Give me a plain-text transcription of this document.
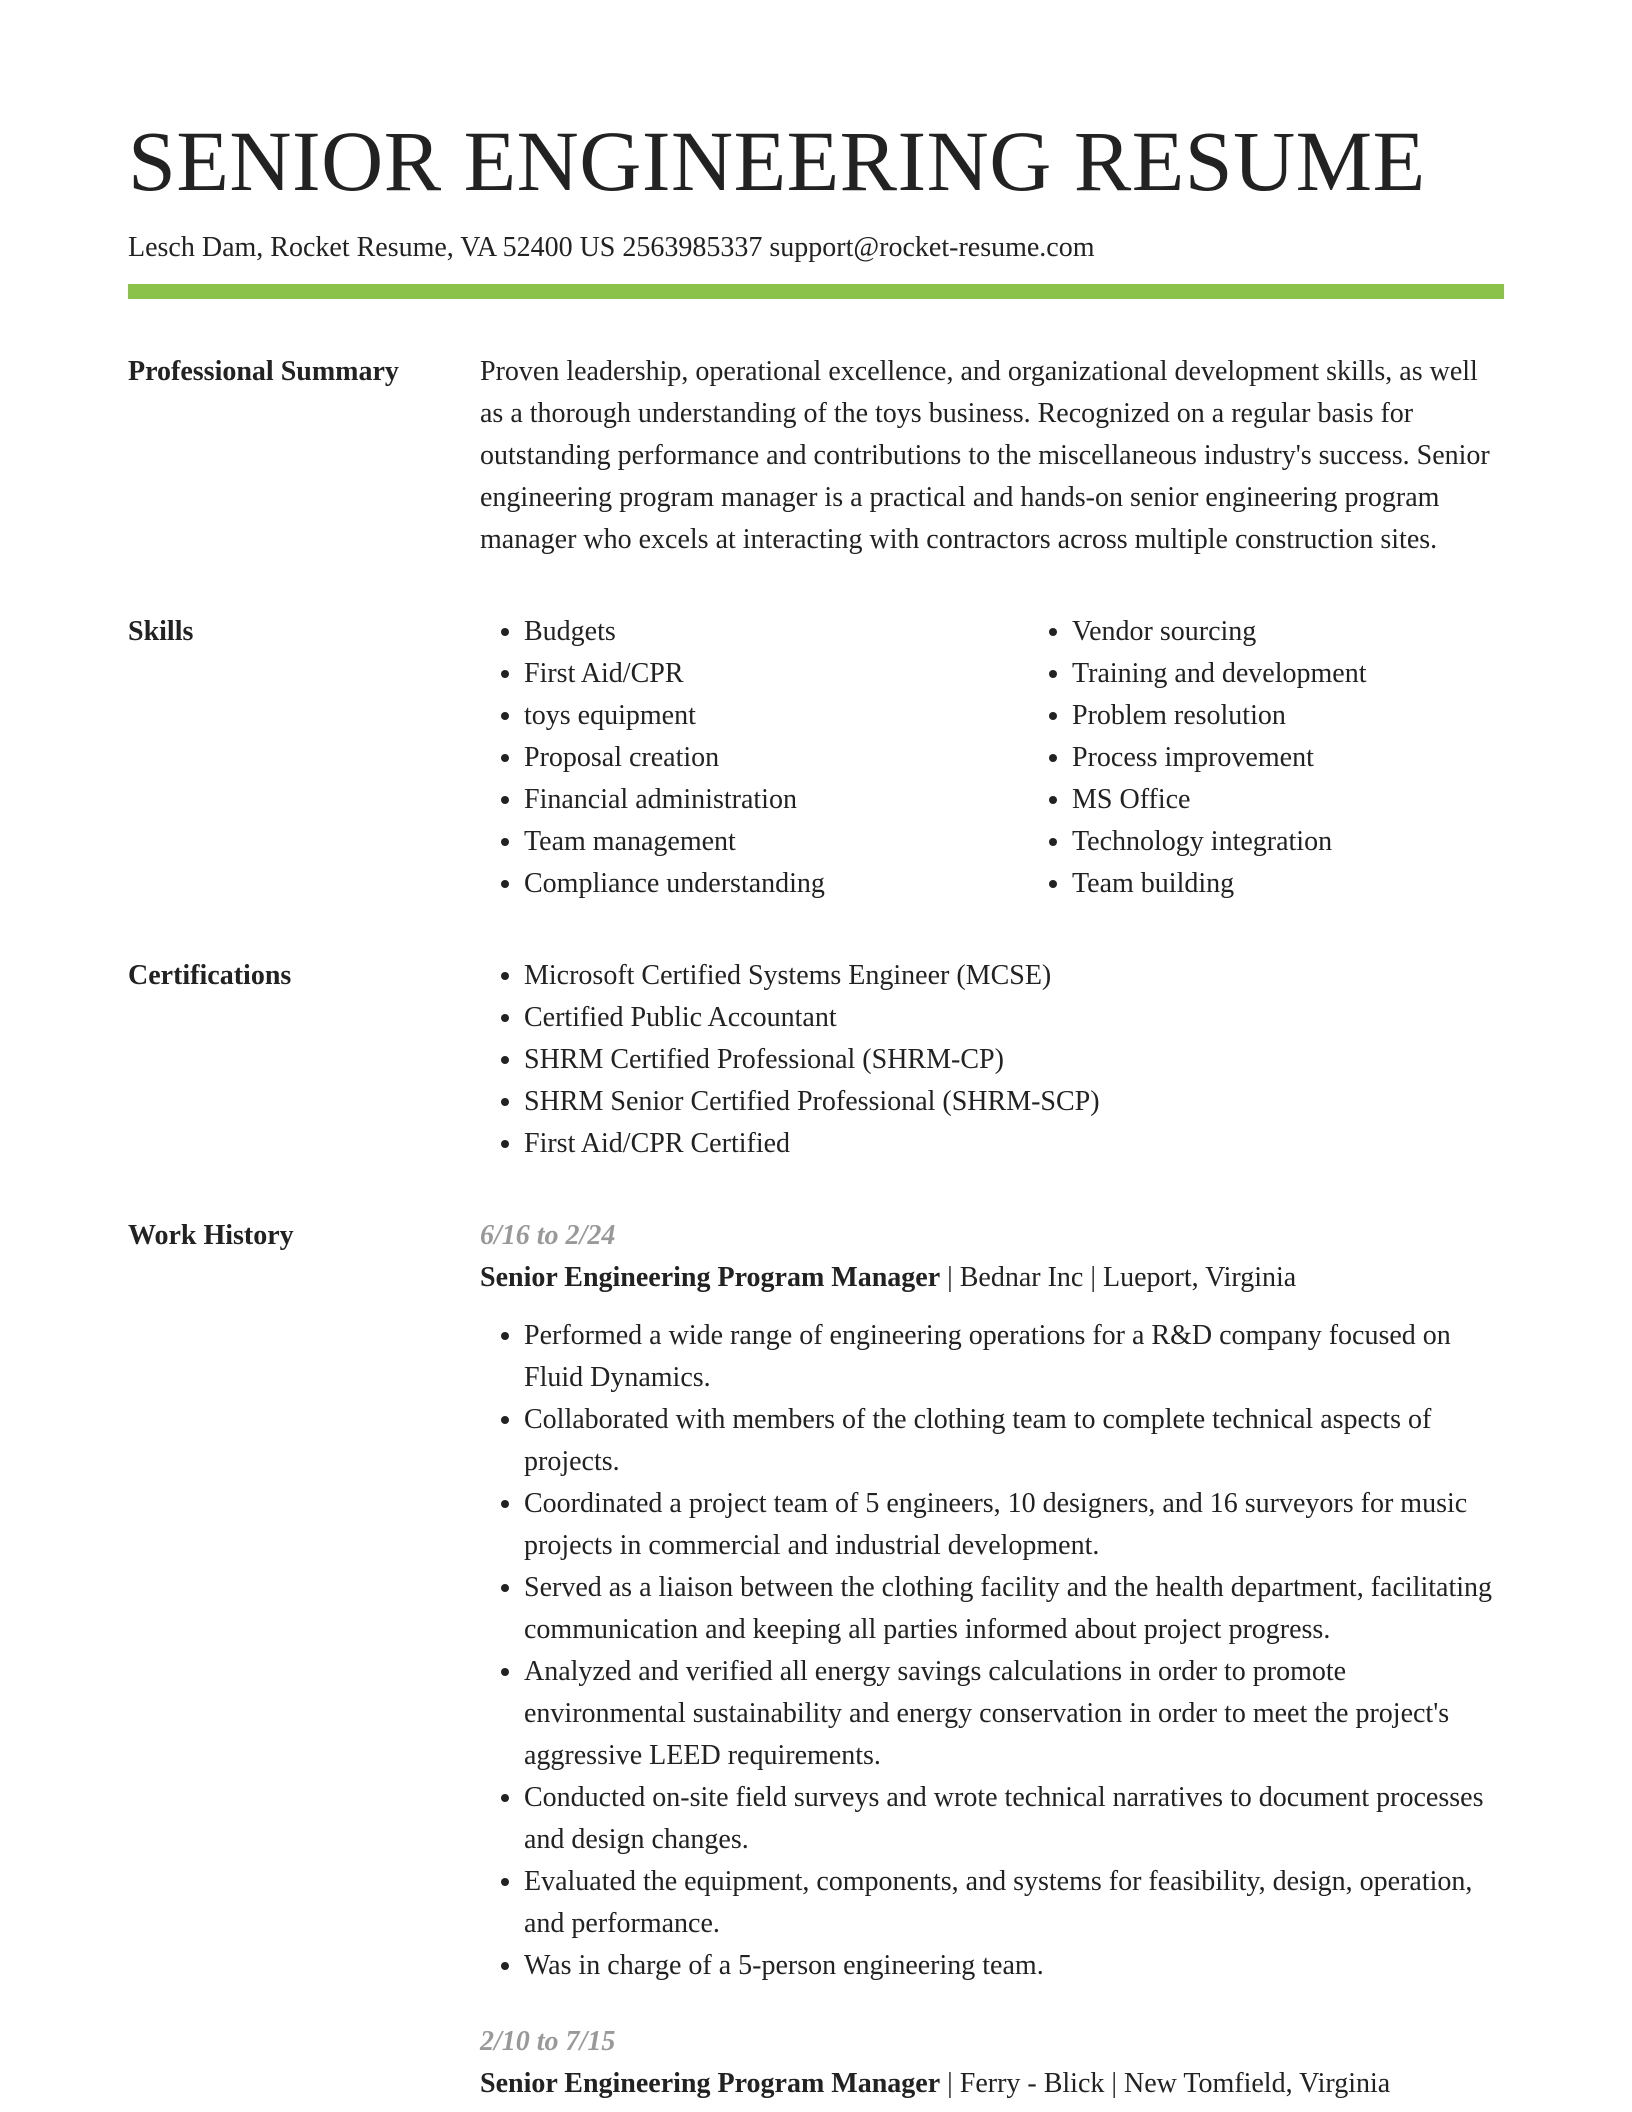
SENIOR ENGINEERING RESUME
Lesch Dam, Rocket Resume, VA 52400 US 2563985337 support@rocket-resume.com
Professional Summary	Proven leadership, operational excellence, and organizational development skills, as well as a thorough understanding of the toys business. Recognized on a regular basis for outstanding performance and contributions to the miscellaneous industry's success. Senior engineering program manager is a practical and hands-on senior engineering program manager who excels at interacting with contractors across multiple construction sites.

Skills	• Budgets
• First Aid/CPR
• toys equipment
• Proposal creation
• Financial administration
• Team management
• Compliance understanding
• Vendor sourcing
• Training and development
• Problem resolution
• Process improvement
• MS Office
• Technology integration
• Team building
Certifications	• Microsoft Certified Systems Engineer (MCSE)
• Certified Public Accountant
• SHRM Certified Professional (SHRM-CP)
• SHRM Senior Certified Professional (SHRM-SCP)
• First Aid/CPR Certified
Work History	6/16 to 2/24
Senior Engineering Program Manager | Bednar Inc | Lueport, Virginia
• Performed a wide range of engineering operations for a R&D company focused on Fluid Dynamics.
• Collaborated with members of the clothing team to complete technical aspects of projects.
• Coordinated a project team of 5 engineers, 10 designers, and 16 surveyors for music projects in commercial and industrial development.
• Served as a liaison between the clothing facility and the health department, facilitating communication and keeping all parties informed about project progress.
• Analyzed and verified all energy savings calculations in order to promote environmental sustainability and energy conservation in order to meet the project's aggressive LEED requirements.
• Conducted on-site field surveys and wrote technical narratives to document processes and design changes.
• Evaluated the equipment, components, and systems for feasibility, design, operation, and performance.
• Was in charge of a 5-person engineering team.
2/10 to 7/15
Senior Engineering Program Manager | Ferry - Blick | New Tomfield, Virginia
